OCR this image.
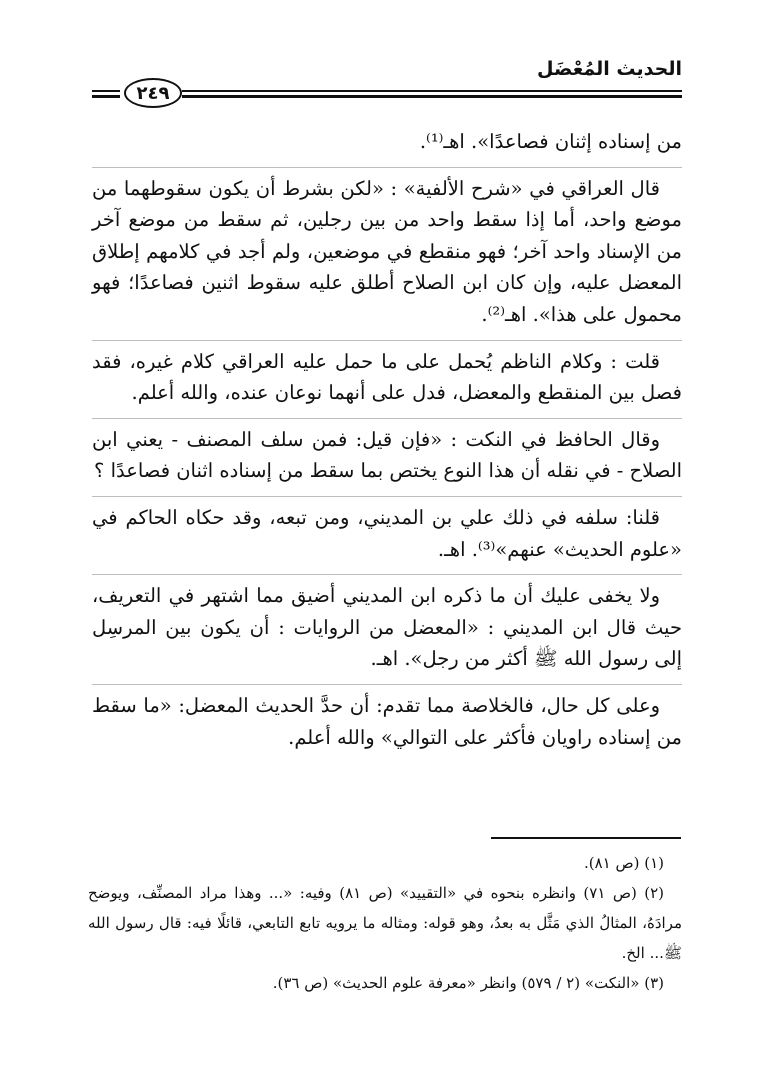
الحديث المُعْضَل
٢٤٩

من إسناده إثنان فصاعدًا». اهـ⁽¹⁾.

قال العراقي في «شرح الألفية» : «لكن بشرط أن يكون سقوطهما من موضع واحد، أما إذا سقط واحد من بين رجلين، ثم سقط من موضع آخر من الإسناد واحد آخر؛ فهو منقطع في موضعين، ولم أجد في كلامهم إطلاق المعضل عليه، وإن كان ابن الصلاح أطلق عليه سقوط اثنين فصاعدًا؛ فهو محمول على هذا». اهـ⁽²⁾.

قلت : وكلام الناظم يُحمل على ما حمل عليه العراقي كلام غيره، فقد فصل بين المنقطع والمعضل، فدل على أنهما نوعان عنده، والله أعلم.

وقال الحافظ في النكت : «فإن قيل: فمن سلف المصنف - يعني ابن الصلاح - في نقله أن هذا النوع يختص بما سقط من إسناده اثنان فصاعدًا ؟

قلنا: سلفه في ذلك علي بن المديني، ومن تبعه، وقد حكاه الحاكم في «علوم الحديث» عنهم»⁽³⁾. اهـ.

ولا يخفى عليك أن ما ذكره ابن المديني أضيق مما اشتهر في التعريف، حيث قال ابن المديني : «المعضل من الروايات : أن يكون بين المرسِل إلى رسول الله ﷺ أكثر من رجل». اهـ.

وعلى كل حال، فالخلاصة مما تقدم: أن حدَّ الحديث المعضل: «ما سقط من إسناده راويان فأكثر على التوالي» والله أعلم.

(١) (ص ٨١).

(٢) (ص ٧١) وانظره بنحوه في «التقييد» (ص ٨١) وفيه: «... وهذا مراد المصنِّف، ويوضح مرادَهُ، المثالُ الذي مَثَّل به بعدُ، وهو قوله: ومثاله ما يرويه تابع التابعي، قائلًا فيه: قال رسول الله ﷺ... الخ.

(٣) «النكت» (٢ / ٥٧٩) وانظر «معرفة علوم الحديث» (ص ٣٦).
